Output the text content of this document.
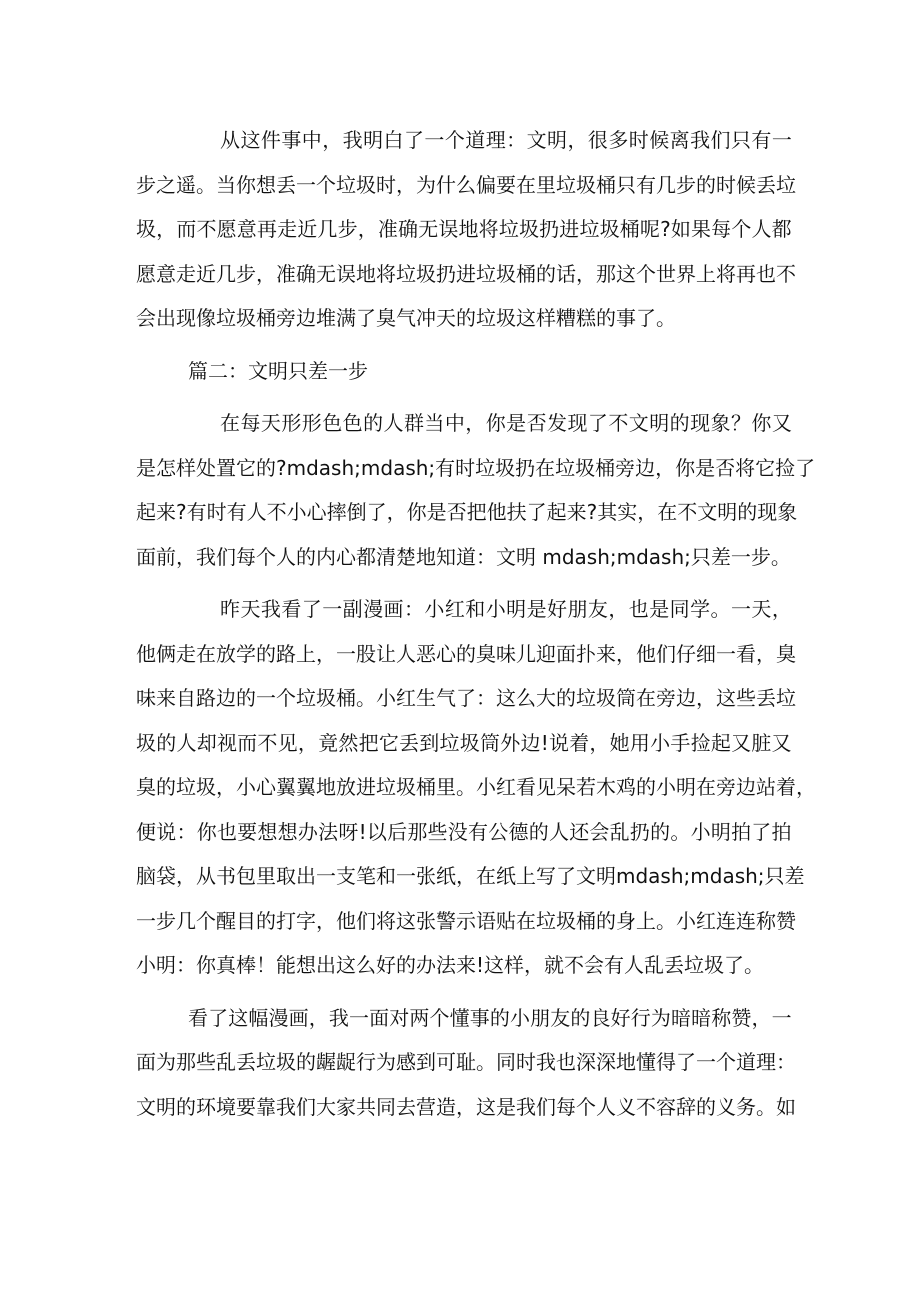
从 这 件 事 中 ， 我 明 白 了 一 个 道 理 ： 文 明 ， 很 多 时 候 离 我 们 只 有 一
步 之 遥 。 当 你 想 丢 一 个 垃 圾 时 ， 为 什 么 偏 要 在 里 垃 圾 桶 只 有 几 步 的 时 候 丢 垃
圾 ， 而 不 愿 意 再 走 近 几 步 ， 准 确 无 误 地 将 垃 圾 扔 进 垃 圾 桶 呢 ? 如 果 每 个 人 都
愿 意 走 近 几 步 ， 准 确 无 误 地 将 垃 圾 扔 进 垃 圾 桶 的 话 ， 那 这 个 世 界 上 将 再 也 不
会出现像垃圾桶旁边堆满了臭气冲天的垃圾这样糟糕的事了。
篇二：文明只差一步
在 每 天 形 形 色 色 的 人 群 当 中 ， 你 是 否 发 现 了 不 文 明 的 现 象 ？ 你 又
是 怎 样 处 置 它 的 ? mdash;mdash; 有 时 垃 圾 扔 在 垃 圾 桶 旁 边 ， 你 是 否 将 它 捡 了
起 来 ? 有 时 有 人 不 小 心 摔 倒 了 ， 你 是 否 把 他 扶 了 起 来 ? 其 实 ， 在 不 文 明 的 现 象
面前，我们每个人的内心都清楚地知道：文明 mdash;mdash;只差一步。
昨 天 我 看 了 一 副 漫 画 ： 小 红 和 小 明 是 好 朋 友 ， 也 是 同 学 。 一 天 ，
他 俩 走 在 放 学 的 路 上 ， 一 股 让 人 恶 心 的 臭 味 儿 迎 面 扑 来 ， 他 们 仔 细 一 看 ， 臭
味 来 自 路 边 的 一 个 垃 圾 桶 。 小 红 生 气 了 ： 这 么 大 的 垃 圾 筒 在 旁 边 ， 这 些 丢 垃
圾 的 人 却 视 而 不 见 ， 竟 然 把 它 丢 到 垃 圾 筒 外 边 ! 说 着 ， 她 用 小 手 捡 起 又 脏 又
臭 的 垃 圾 ， 小 心 翼 翼 地 放 进 垃 圾 桶 里 。 小 红 看 见 呆 若 木 鸡 的 小 明 在 旁 边 站 着 ，
便 说 ： 你 也 要 想 想 办 法 呀 ! 以 后 那 些 没 有 公 德 的 人 还 会 乱 扔 的 。 小 明 拍 了 拍
脑 袋 ， 从 书 包 里 取 出 一 支 笔 和 一 张 纸 ， 在 纸 上 写 了 文 明 mdash;mdash; 只 差
一 步 几 个 醒 目 的 打 字 ， 他 们 将 这 张 警 示 语 贴 在 垃 圾 桶 的 身 上 。 小 红 连 连 称 赞
小明：你真棒！能想出这么好的办法来!这样，就不会有人乱丢垃圾了。
看 了 这 幅 漫 画 ， 我 一 面 对 两 个 懂 事 的 小 朋 友 的 良 好 行 为 暗 暗 称 赞 ， 一
面 为 那 些 乱 丢 垃 圾 的 龌 龊 行 为 感 到 可 耻 。 同 时 我 也 深 深 地 懂 得 了 一 个 道 理 ：
文明的环境要靠我们大家共同去营造，这是我们每个人义不容辞的义务。如
